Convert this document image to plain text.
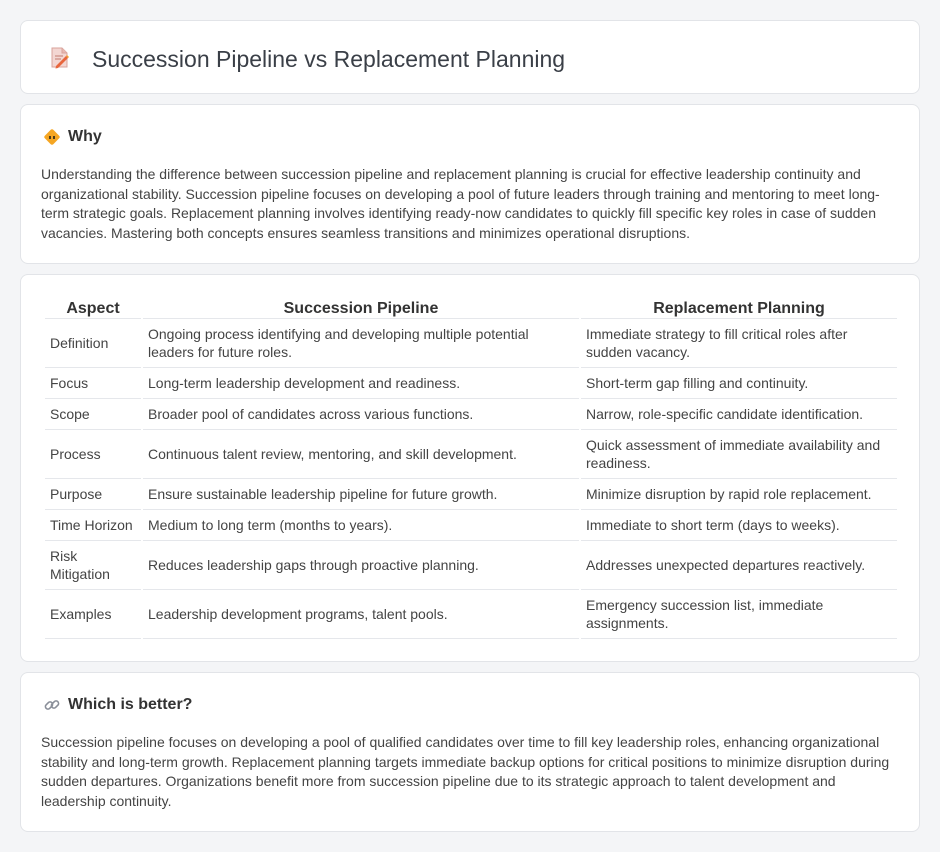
Succession Pipeline vs Replacement Planning
Why

Understanding the difference between succession pipeline and replacement planning is crucial for effective leadership continuity and organizational stability. Succession pipeline focuses on developing a pool of future leaders through training and mentoring to meet long-term strategic goals. Replacement planning involves identifying ready-now candidates to quickly fill specific key roles in case of sudden vacancies. Mastering both concepts ensures seamless transitions and minimizes operational disruptions.

Aspect	Succession Pipeline	Replacement Planning
Definition	Ongoing process identifying and developing multiple potential leaders for future roles.	Immediate strategy to fill critical roles after sudden vacancy.
Focus	Long-term leadership development and readiness.	Short-term gap filling and continuity.
Scope	Broader pool of candidates across various functions.	Narrow, role-specific candidate identification.
Process	Continuous talent review, mentoring, and skill development.	Quick assessment of immediate availability and readiness.
Purpose	Ensure sustainable leadership pipeline for future growth.	Minimize disruption by rapid role replacement.
Time Horizon	Medium to long term (months to years).	Immediate to short term (days to weeks).
Risk Mitigation	Reduces leadership gaps through proactive planning.	Addresses unexpected departures reactively.
Examples	Leadership development programs, talent pools.	Emergency succession list, immediate assignments.
Which is better?

Succession pipeline focuses on developing a pool of qualified candidates over time to fill key leadership roles, enhancing organizational stability and long-term growth. Replacement planning targets immediate backup options for critical positions to minimize disruption during sudden departures. Organizations benefit more from succession pipeline due to its strategic approach to talent development and leadership continuity.
